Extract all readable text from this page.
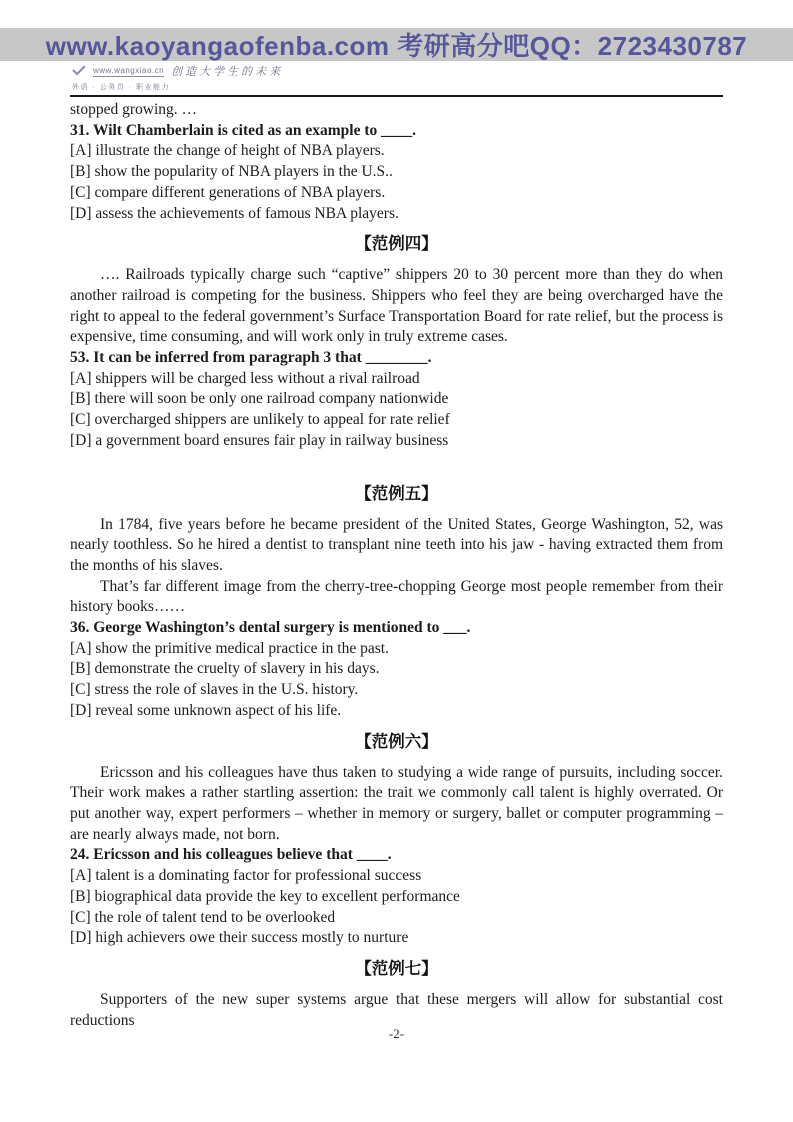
www.kaoyangaofenba.com 考研高分吧QQ：2723430787
www.wangxiao.cn 创造大学生的未来
外语 · 公务员 · 职业能力

stopped growing. …

31. Wilt Chamberlain is cited as an example to ____.

[A] illustrate the change of height of NBA players.

[B] show the popularity of NBA players in the U.S..

[C] compare different generations of NBA players.

[D] assess the achievements of famous NBA players.

【范例四】

…. Railroads typically charge such “captive” shippers 20 to 30 percent more than they do when another railroad is competing for the business. Shippers who feel they are being overcharged have the right to appeal to the federal government’s Surface Transportation Board for rate relief, but the process is expensive, time consuming, and will work only in truly extreme cases.

53. It can be inferred from paragraph 3 that ________.

[A] shippers will be charged less without a rival railroad

[B] there will soon be only one railroad company nationwide

[C] overcharged shippers are unlikely to appeal for rate relief

[D] a government board ensures fair play in railway business

【范例五】

In 1784, five years before he became president of the United States, George Washington, 52, was nearly toothless. So he hired a dentist to transplant nine teeth into his jaw - having extracted them from the months of his slaves.

That’s far different image from the cherry-tree-chopping George most people remember from their history books……

36. George Washington’s dental surgery is mentioned to ___.

[A] show the primitive medical practice in the past.

[B] demonstrate the cruelty of slavery in his days.

[C] stress the role of slaves in the U.S. history.

[D] reveal some unknown aspect of his life.

【范例六】

Ericsson and his colleagues have thus taken to studying a wide range of pursuits, including soccer. Their work makes a rather startling assertion: the trait we commonly call talent is highly overrated. Or put another way, expert performers – whether in memory or surgery, ballet or computer programming – are nearly always made, not born.

24. Ericsson and his colleagues believe that ____.

[A] talent is a dominating factor for professional success

[B] biographical data provide the key to excellent performance

[C] the role of talent tend to be overlooked

[D] high achievers owe their success mostly to nurture

【范例七】

Supporters of the new super systems argue that these mergers will allow for substantial cost reductions

-2-
